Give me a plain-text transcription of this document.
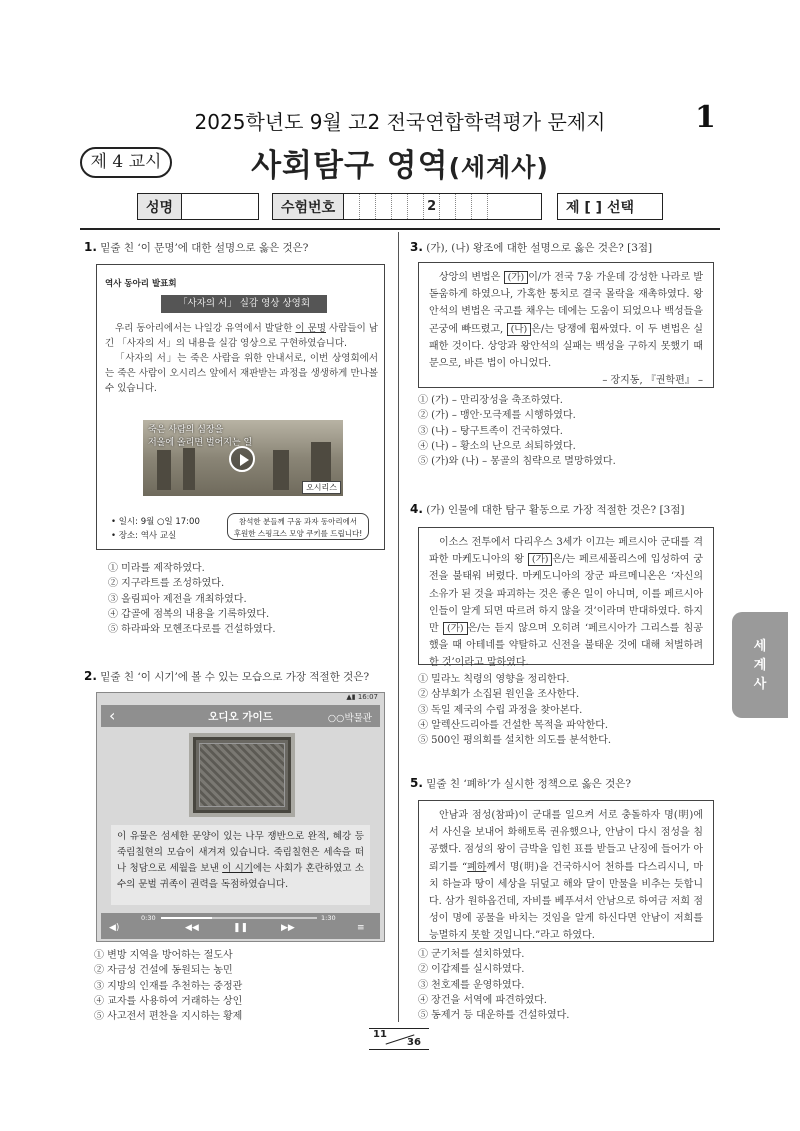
2025학년도 9월 고2 전국연합학력평가 문제지	1
제 4 교시	사회탐구 영역(세계사)
성명	수험번호	2	제 [ ] 선택
1. 밑줄 친 ‘이 문명’에 대한 설명으로 옳은 것은?
역사 동아리 발표회
「사자의 서」 실감 영상 상영회

우리 동아리에서는 나일강 유역에서 발달한 이 문명 사람들이 남긴 「사자의 서」의 내용을 실감 영상으로 구현하였습니다.

「사자의 서」는 죽은 사람을 위한 안내서로, 이번 상영회에서는 죽은 사람이 오시리스 앞에서 재판받는 과정을 생생하게 만나볼 수 있습니다.

죽은 사람의 심장을
저울에 올리면 벌어지는 일
오시리스
• 일시: 9월 ○일 17:00
• 장소: 역사 교실
참석한 분들께 구움 과자 동아리에서
후원한 스핑크스 모양 쿠키를 드립니다!
① 미라를 제작하였다.
② 지구라트를 조성하였다.
③ 올림피아 제전을 개최하였다.
④ 갑골에 점복의 내용을 기록하였다.
⑤ 하라파와 모헨조다로를 건설하였다.
2. 밑줄 친 ‘이 시기’에 볼 수 있는 모습으로 가장 적절한 것은?
▲▮ 16:07
‹	오디오 가이드	○○박물관
이 유물은 섬세한 문양이 있는 나무 쟁반으로 완적, 혜강 등 죽림칠현의 모습이 새겨져 있습니다. 죽림칠현은 세속을 떠나 청담으로 세월을 보낸 이 시기에는 사회가 혼란하였고 소수의 문벌 귀족이 권력을 독점하였습니다.
0:30	1:30
◀)	◀◀	❚❚	▶▶	≡
① 변방 지역을 방어하는 절도사
② 자금성 건설에 동원되는 농민
③ 지방의 인재를 추천하는 중정관
④ 교자를 사용하여 거래하는 상인
⑤ 사고전서 편찬을 지시하는 황제
3. (가), (나) 왕조에 대한 설명으로 옳은 것은? [3점]

상앙의 변법은 (가) 이/가 전국 7웅 가운데 강성한 나라로 발돋움하게 하였으나, 가혹한 통치로 결국 몰락을 재촉하였다. 왕안석의 변법은 국고를 채우는 데에는 도움이 되었으나 백성들을 곤궁에 빠뜨렸고, (나) 은/는 당쟁에 휩싸였다. 이 두 변법은 실패한 것이다. 상앙과 왕안석의 실패는 백성을 구하지 못했기 때문으로, 바른 법이 아니었다.

– 장지동, 『권학편』 –
① (가) – 만리장성을 축조하였다.
② (가) – 맹안·모극제를 시행하였다.
③ (나) – 탕구트족이 건국하였다.
④ (나) – 황소의 난으로 쇠퇴하였다.
⑤ (가)와 (나) – 몽골의 침략으로 멸망하였다.
4. (가) 인물에 대한 탐구 활동으로 가장 적절한 것은? [3점]

이소스 전투에서 다리우스 3세가 이끄는 페르시아 군대를 격파한 마케도니아의 왕 (가) 은/는 페르세폴리스에 입성하여 궁전을 불태워 버렸다. 마케도니아의 장군 파르메니온은 ‘자신의 소유가 된 것을 파괴하는 것은 좋은 일이 아니며, 이를 페르시아인들이 알게 되면 따르려 하지 않을 것’이라며 반대하였다. 하지만 (가) 은/는 듣지 않으며 오히려 ‘페르시아가 그리스를 침공했을 때 아테네를 약탈하고 신전을 불태운 것에 대해 처벌하려 한 것’이라고 말하였다.

① 밀라노 칙령의 영향을 정리한다.
② 삼부회가 소집된 원인을 조사한다.
③ 독일 제국의 수립 과정을 찾아본다.
④ 알렉산드리아를 건설한 목적을 파악한다.
⑤ 500인 평의회를 설치한 의도를 분석한다.
5. 밑줄 친 ‘폐하’가 실시한 정책으로 옳은 것은?

안남과 점성(참파)이 군대를 일으켜 서로 충돌하자 명(明)에서 사신을 보내어 화해토록 권유했으나, 안남이 다시 점성을 침공했다. 점성의 왕이 금박을 입힌 표를 받들고 난징에 들어가 아뢰기를 “폐하께서 명(明)을 건국하시어 천하를 다스리시니, 마치 하늘과 땅이 세상을 뒤덮고 해와 달이 만물을 비추는 듯합니다. 삼가 원하옵건데, 자비를 베푸셔서 안남으로 하여금 저희 점성이 명에 공물을 바치는 것임을 알게 하신다면 안남이 저희를 능멸하지 못할 것입니다.”라고 하였다.

① 군기처를 설치하였다.
② 이갑제를 실시하였다.
③ 천호제를 운영하였다.
④ 장건을 서역에 파견하였다.
⑤ 동제거 등 대운하를 건설하였다.
세
계
사
11
36
